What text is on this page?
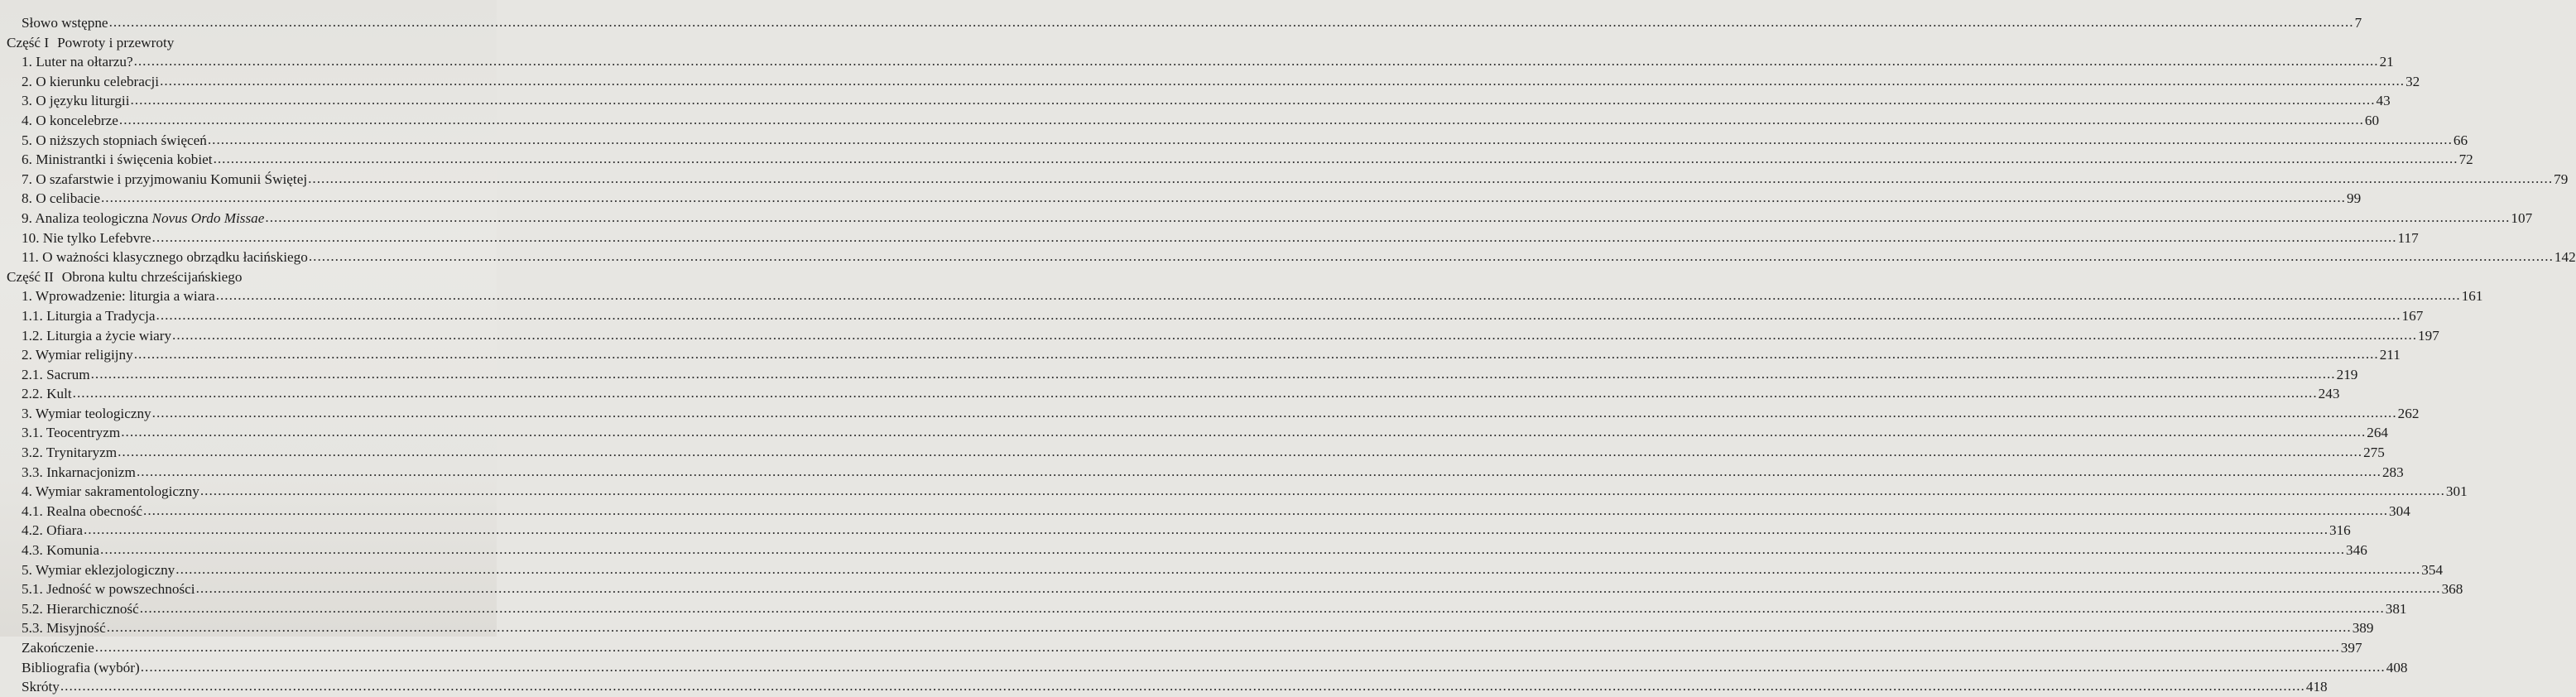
Słowo wstępne .....	7
Część I Powroty i przewroty
1. Luter na ołtarzu? .....	21
2. O kierunku celebracji .....	32
3. O języku liturgii .....	43
4. O koncelebrze .....	60
5. O niższych stopniach święceń .....	66
6. Ministrantki i święcenia kobiet .....	72
7. O szafarstwie i przyjmowaniu Komunii Świętej .....	79
8. O celibacie .....	99
9. Analiza teologiczna Novus Ordo Missae .....	107
10. Nie tylko Lefebvre .....	117
11. O ważności klasycznego obrządku łacińskiego .....	142
Część II Obrona kultu chrześcijańskiego
1. Wprowadzenie: liturgia a wiara .....	161
1.1. Liturgia a Tradycja .....	167
1.2. Liturgia a życie wiary .....	197
2. Wymiar religijny .....	211
2.1. Sacrum .....	219
2.2. Kult .....	243
3. Wymiar teologiczny .....	262
3.1. Teocentryzm .....	264
3.2. Trynitaryzm .....	275
3.3. Inkarnacjonizm .....	283
4. Wymiar sakramentologiczny .....	301
4.1. Realna obecność .....	304
4.2. Ofiara .....	316
4.3. Komunia .....	346
5. Wymiar eklezjologiczny .....	354
5.1. Jedność w powszechności .....	368
5.2. Hierarchiczność .....	381
5.3. Misyjność .....	389
Zakończenie .....	397
Bibliografia (wybór) .....	408
Skróty .....	418
